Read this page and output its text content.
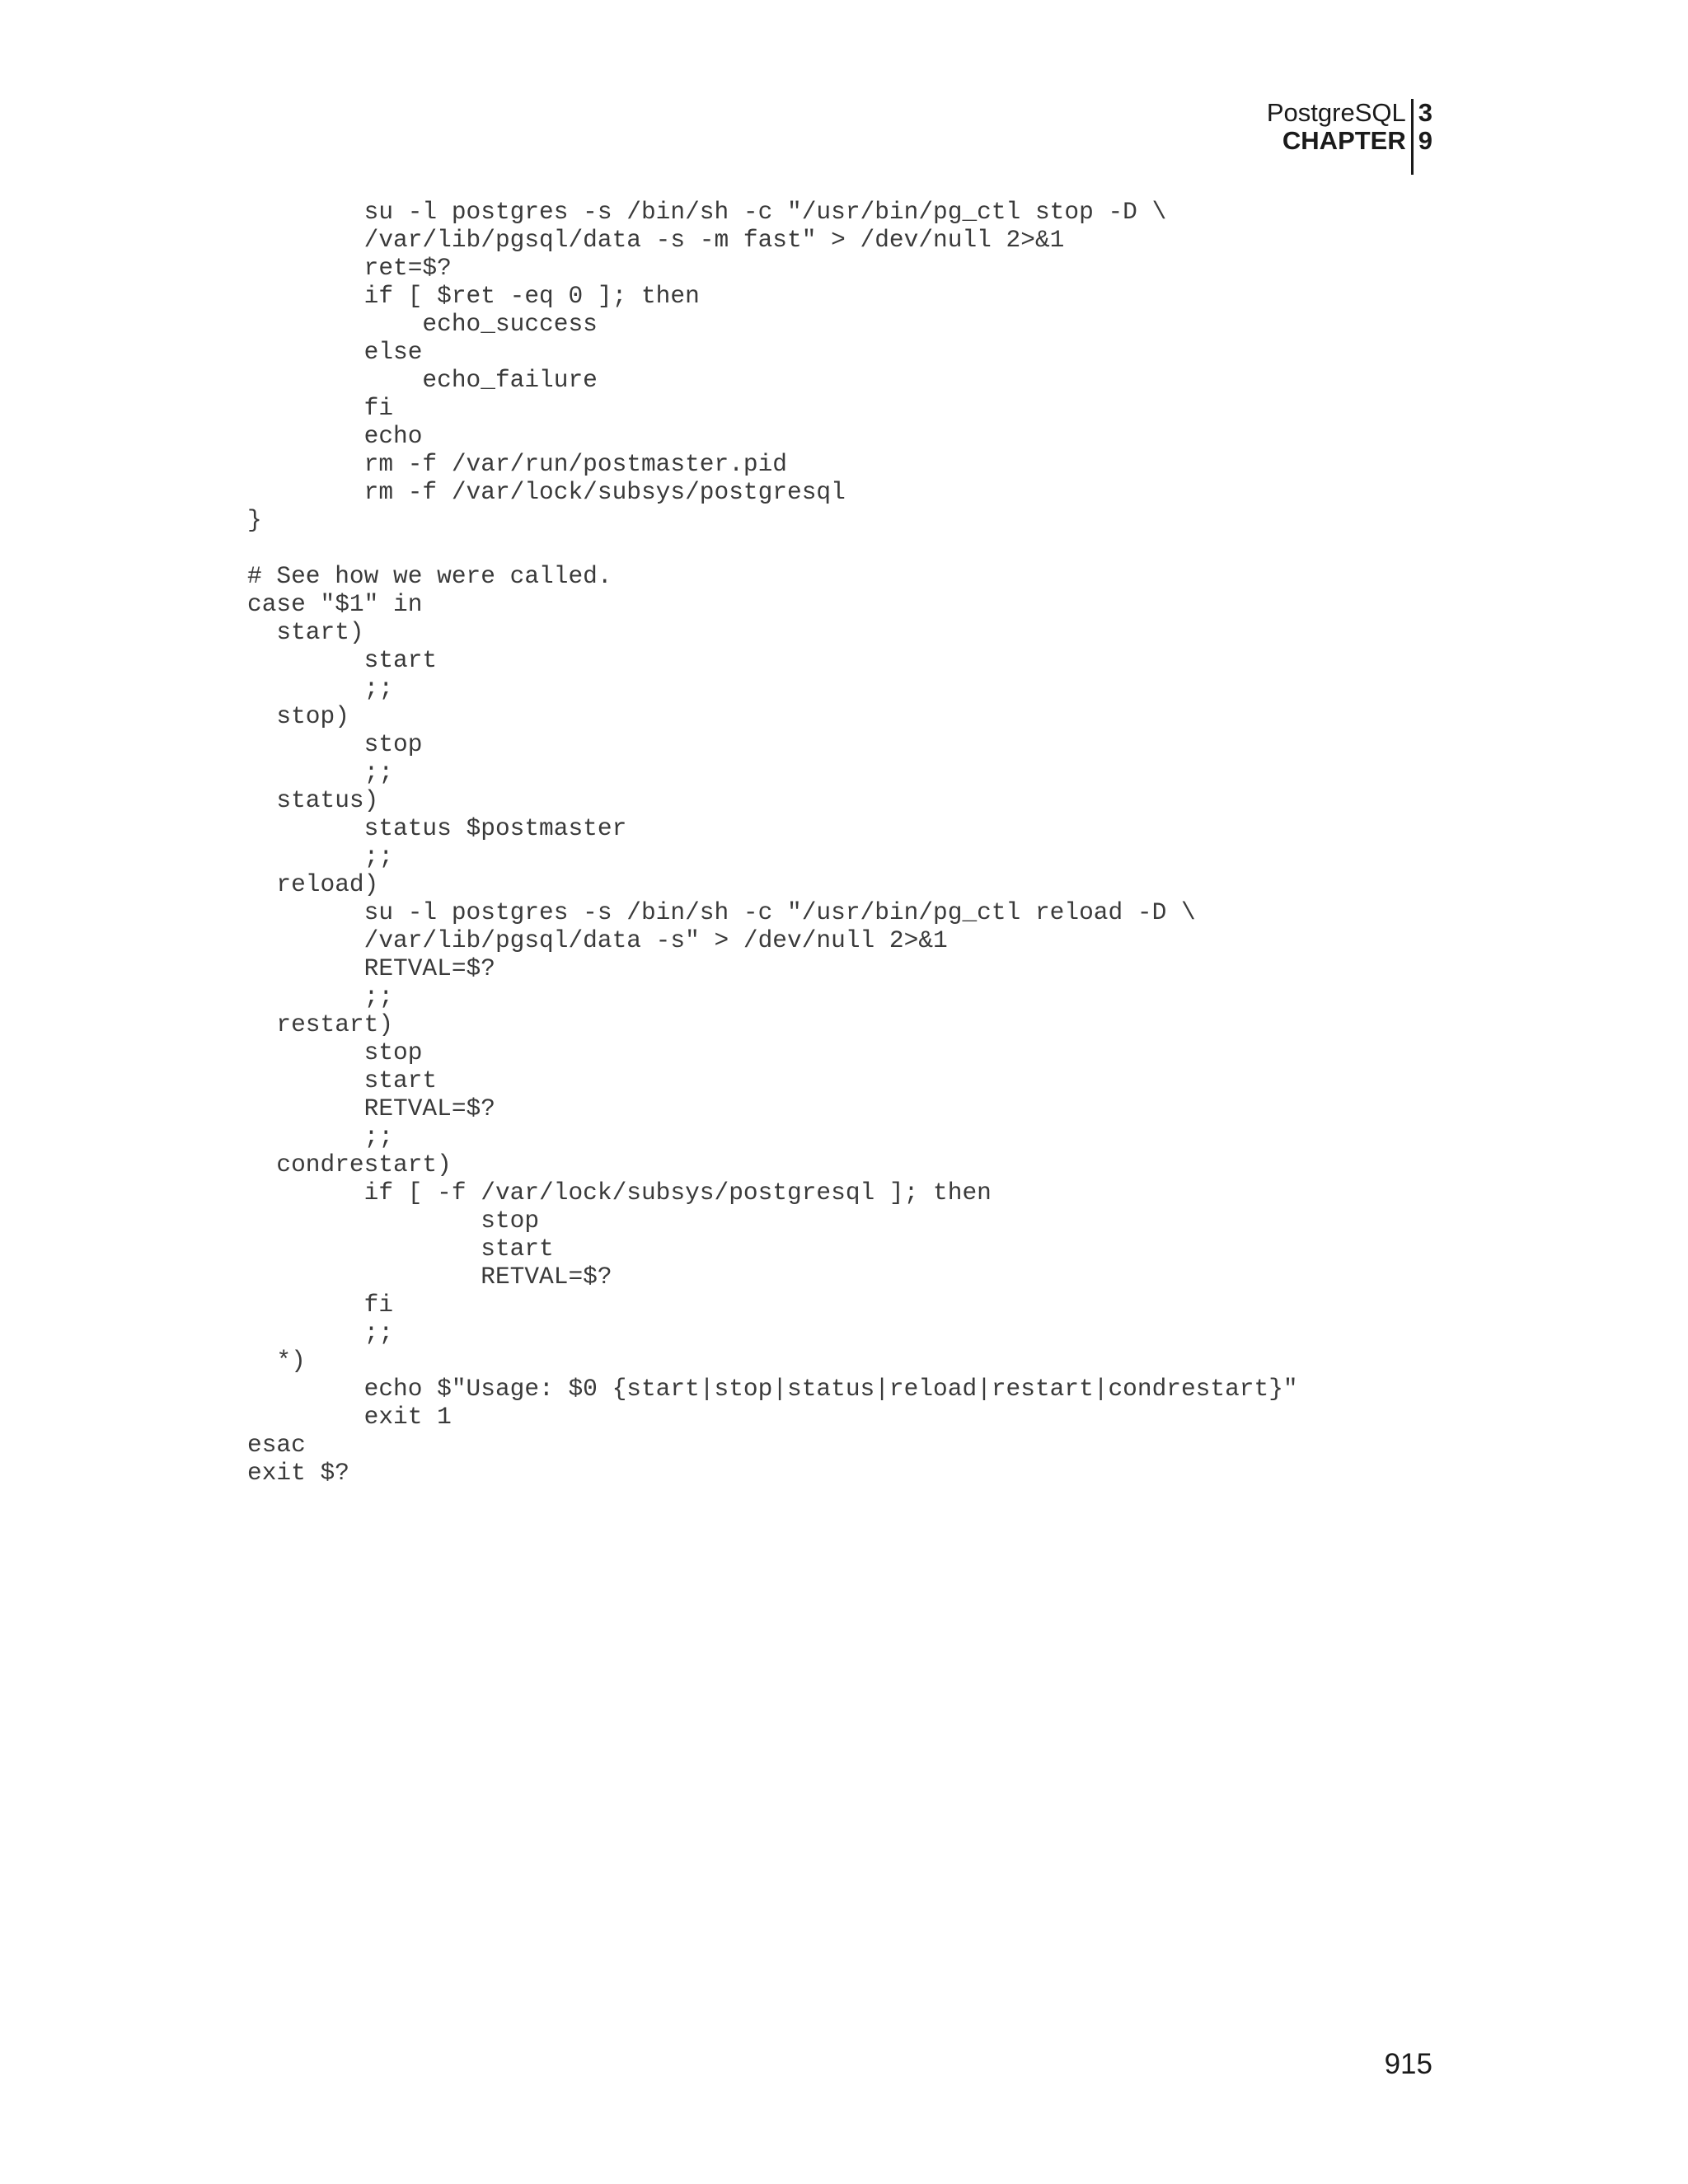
PostgreSQL
CHAPTER
3
9
su -l postgres -s /bin/sh -c "/usr/bin/pg_ctl stop -D \
/var/lib/pgsql/data -s -m fast" > /dev/null 2>&1
ret=$?
if [ $ret -eq 0 ]; then
echo_success
else
echo_failure
fi
echo
rm -f /var/run/postmaster.pid
rm -f /var/lock/subsys/postgresql
}
# See how we were called.
case "$1" in
start)
start
;;
stop)
stop
;;
status)
status $postmaster
;;
reload)
su -l postgres -s /bin/sh -c "/usr/bin/pg_ctl reload -D \
/var/lib/pgsql/data -s" > /dev/null 2>&1
RETVAL=$?
;;
restart)
stop
start
RETVAL=$?
;;
condrestart)
if [ -f /var/lock/subsys/postgresql ]; then
stop
start
RETVAL=$?
fi
;;
*)
echo $"Usage: $0 {start|stop|status|reload|restart|condrestart}"
exit 1
esac
exit $?
915
